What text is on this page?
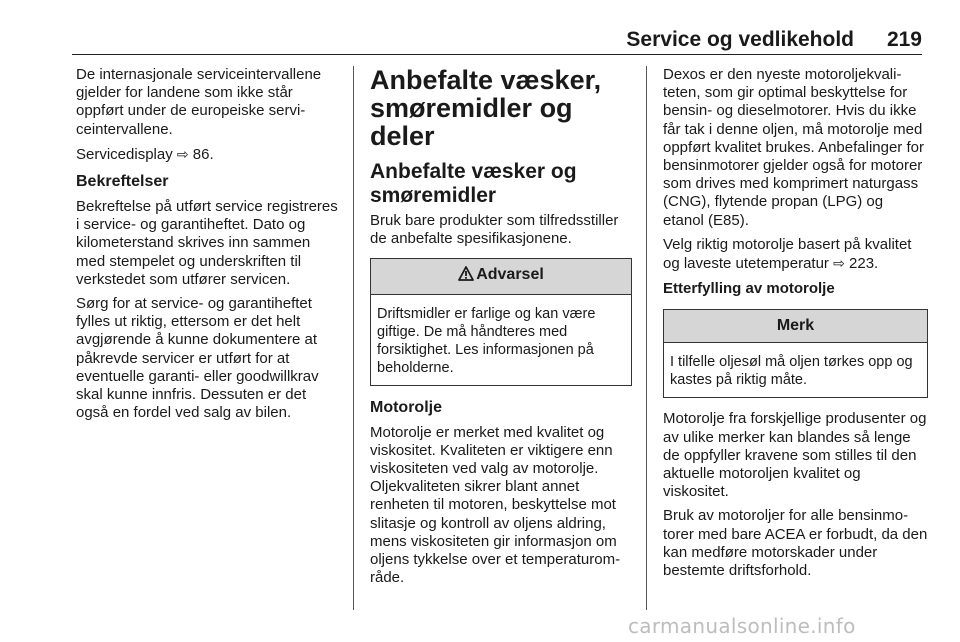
Service og vedlikehold 219

De internasjonale serviceintervallene gjelder for landene som ikke står oppført under de europeiske serviceintervallene.

Servicedisplay ⇨ 86.

Bekreftelser

Bekreftelse på utført service registreres i service- og garantiheftet. Dato og kilometerstand skrives inn sammen med stempelet og underskriften til verkstedet som utfører servicen.

Sørg for at service- og garantiheftet fylles ut riktig, ettersom er det helt avgjørende å kunne dokumentere at påkrevde servicer er utført for at eventuelle garanti- eller goodwillkrav skal kunne innfris. Dessuten er det også en fordel ved salg av bilen.

Anbefalte væsker, smøremidler og deler
Anbefalte væsker og smøremidler

Bruk bare produkter som tilfredsstiller de anbefalte spesifikasjonene.

Advarsel
Driftsmidler er farlige og kan være giftige. De må håndteres med forsiktighet. Les informasjonen på beholderne.
Motorolje

Motorolje er merket med kvalitet og viskositet. Kvaliteten er viktigere enn viskositeten ved valg av motorolje. Oljekvaliteten sikrer blant annet renheten til motoren, beskyttelse mot slitasje og kontroll av oljens aldring, mens viskositeten gir informasjon om oljens tykkelse over et temperaturområde.

Dexos er den nyeste motoroljekvaliteten, som gir optimal beskyttelse for bensin- og dieselmotorer. Hvis du ikke får tak i denne oljen, må motorolje med oppført kvalitet brukes. Anbefalinger for bensinmotorer gjelder også for motorer som drives med komprimert naturgass (CNG), flytende propan (LPG) og etanol (E85).

Velg riktig motorolje basert på kvalitet og laveste utetemperatur ⇨ 223.

Etterfylling av motorolje
Merk
I tilfelle oljesøl må oljen tørkes opp og kastes på riktig måte.

Motorolje fra forskjellige produsenter og av ulike merker kan blandes så lenge de oppfyller kravene som stilles til den aktuelle motoroljen kvalitet og viskositet.

Bruk av motoroljer for alle bensinmotorer med bare ACEA er forbudt, da den kan medføre motorskader under bestemte driftsforhold.

carmanualsonline.info
